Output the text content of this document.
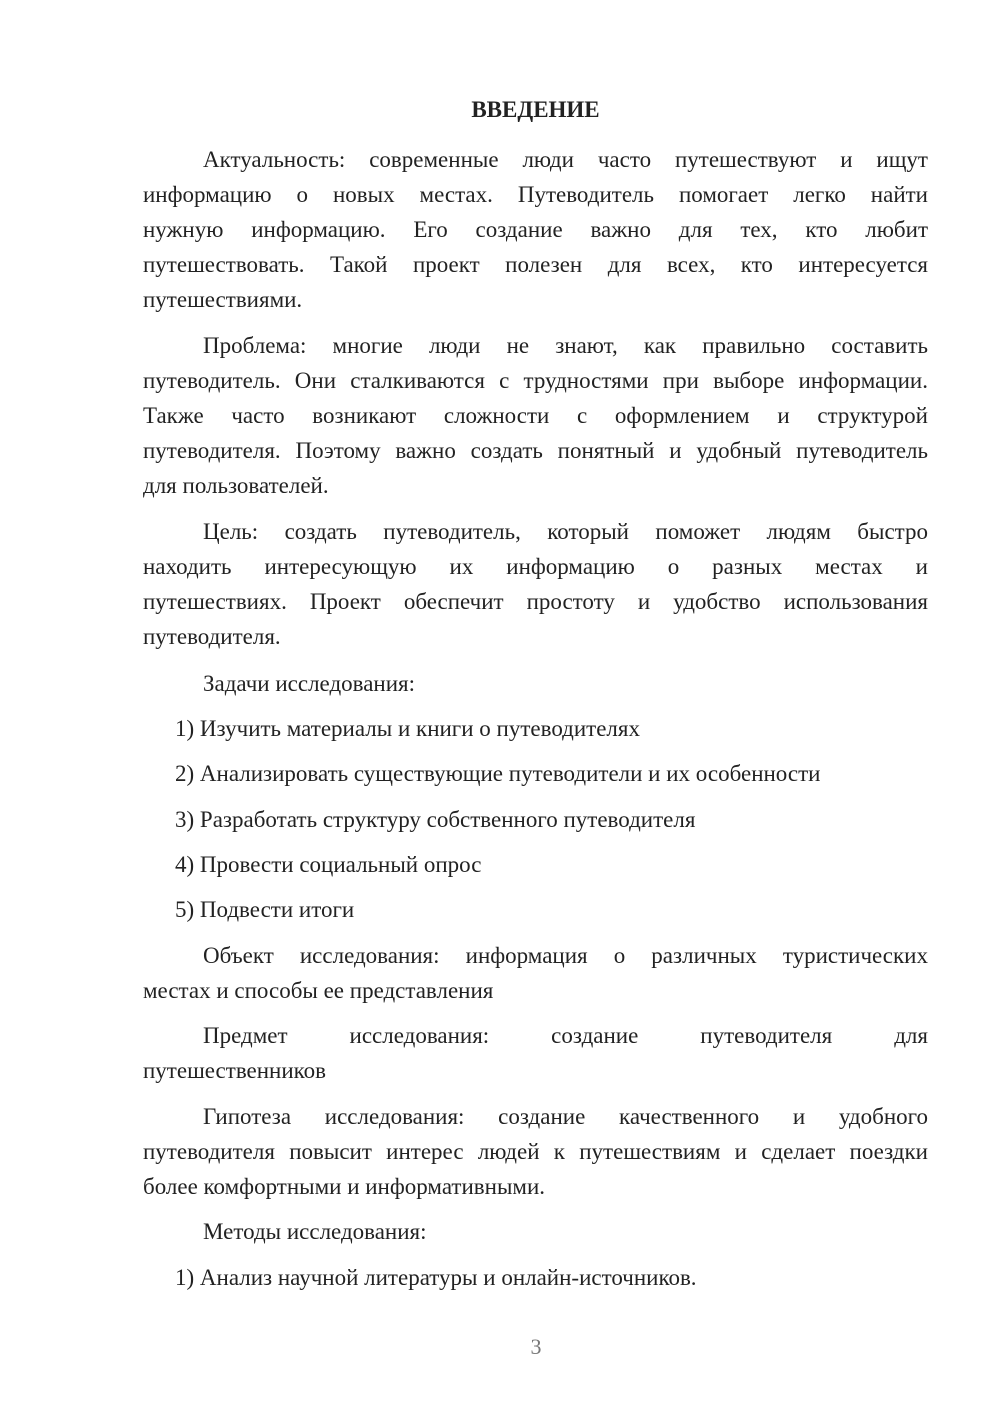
ВВЕДЕНИЕ
Актуальность: современные люди часто путешествуют и ищут
информацию о новых местах. Путеводитель помогает легко найти
нужную информацию. Его создание важно для тех, кто любит
путешествовать. Такой проект полезен для всех, кто интересуется
путешествиями.
Проблема: многие люди не знают, как правильно составить
путеводитель. Они сталкиваются с трудностями при выборе информации.
Также часто возникают сложности с оформлением и структурой
путеводителя. Поэтому важно создать понятный и удобный путеводитель
для пользователей.
Цель: создать путеводитель, который поможет людям быстро
находить интересующую их информацию о разных местах и
путешествиях. Проект обеспечит простоту и удобство использования
путеводителя.
Задачи исследования:
1) Изучить материалы и книги о путеводителях
2) Анализировать существующие путеводители и их особенности
3) Разработать структуру собственного путеводителя
4) Провести социальный опрос
5) Подвести итоги
Объект исследования: информация о различных туристических
местах и способы ее представления
Предмет исследования: создание путеводителя для
путешественников
Гипотеза исследования: создание качественного и удобного
путеводителя повысит интерес людей к путешествиям и сделает поездки
более комфортными и информативными.
Методы исследования:
1) Анализ научной литературы и онлайн-источников.
3
